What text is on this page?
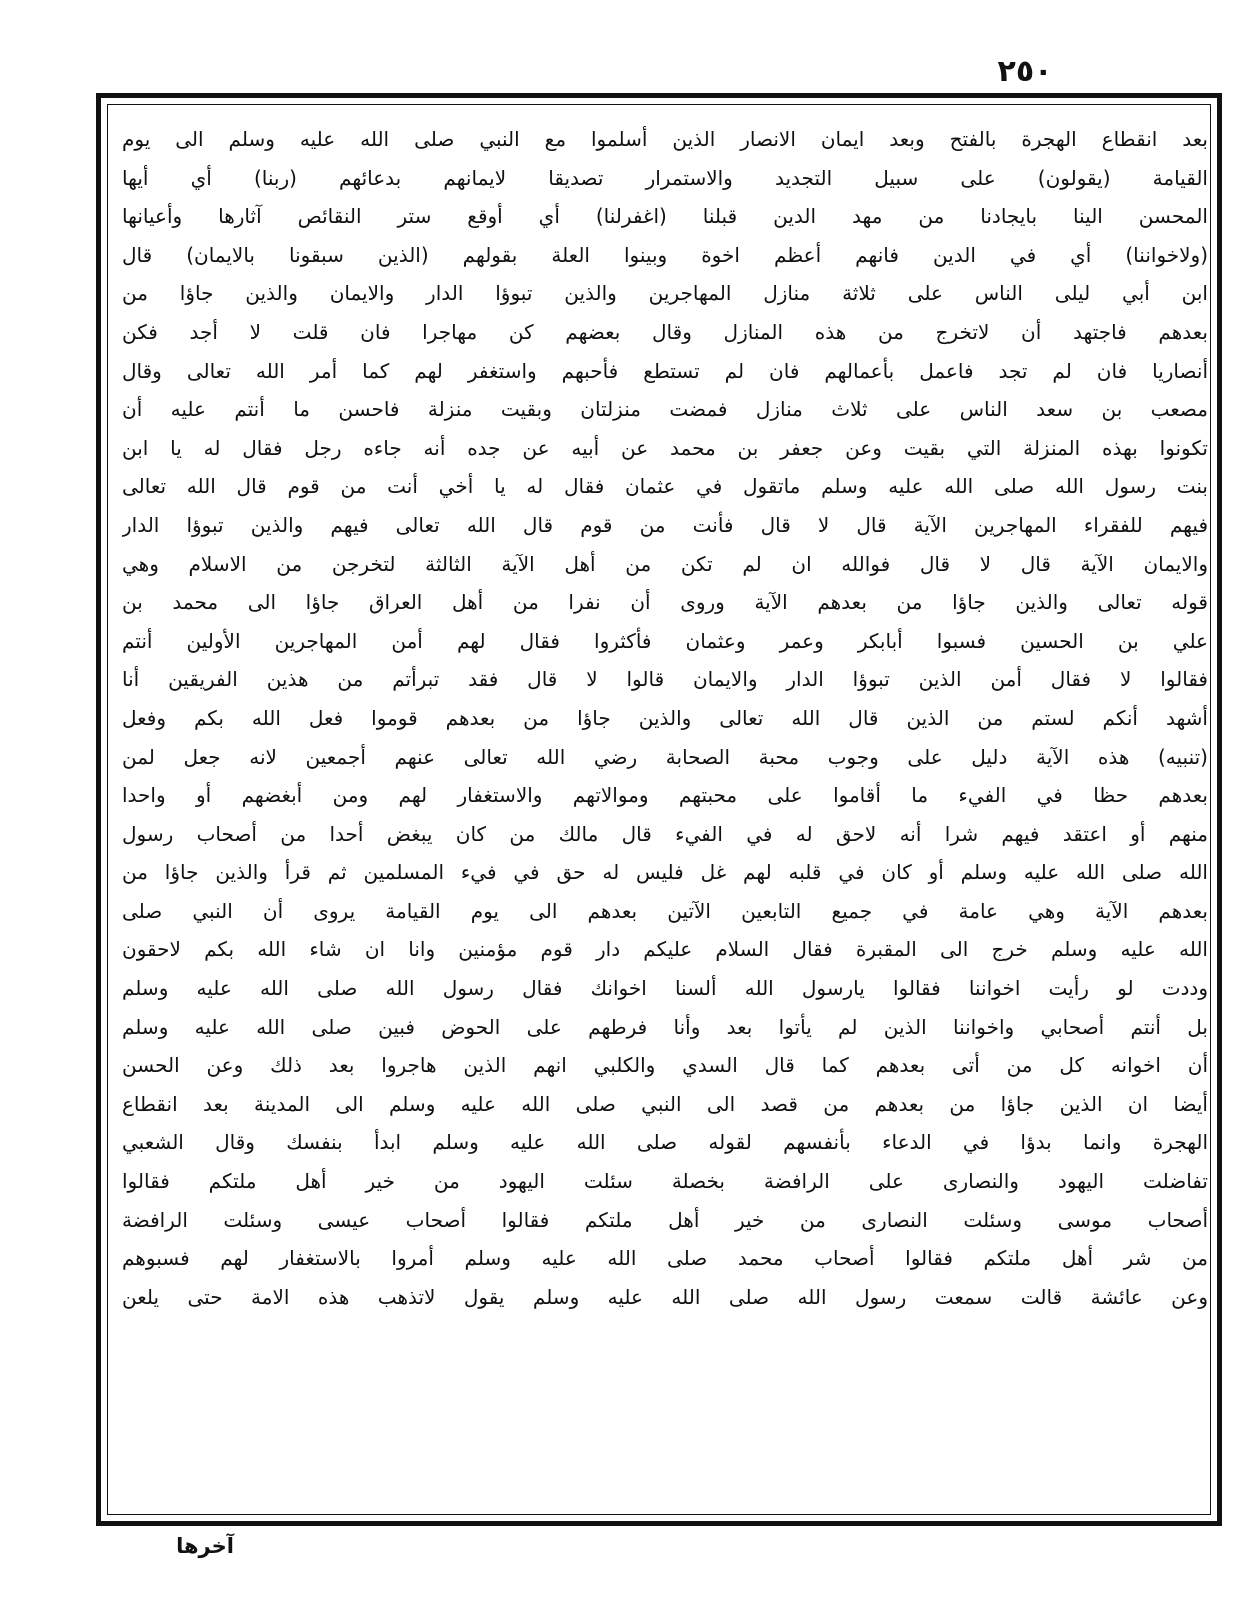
٢٥٠
بعد انقطاع الهجرة بالفتح وبعد ايمان الانصار الذين أسلموا مع النبي صلى الله عليه وسلم الى يوم
القيامة (يقولون) على سبيل التجديد والاستمرار تصديقا لايمانهم بدعائهم (ربنا) أي أيها
المحسن الينا بايجادنا من مهد الدين قبلنا (اغفرلنا) أي أوقع ستر النقائص آثارها وأعيانها
(ولاخواننا) أي في الدين فانهم أعظم اخوة وبينوا العلة بقولهم (الذين سبقونا بالايمان) قال
ابن أبي ليلى الناس على ثلاثة منازل المهاجرين والذين تبوؤا الدار والايمان والذين جاؤا من
بعدهم فاجتهد أن لاتخرج من هذه المنازل وقال بعضهم كن مهاجرا فان قلت لا أجد فكن
أنصاريا فان لم تجد فاعمل بأعمالهم فان لم تستطع فأحبهم واستغفر لهم كما أمر الله تعالى وقال
مصعب بن سعد الناس على ثلاث منازل فمضت منزلتان وبقيت منزلة فاحسن ما أنتم عليه أن
تكونوا بهذه المنزلة التي بقيت وعن جعفر بن محمد عن أبيه عن جده أنه جاءه رجل فقال له يا ابن
بنت رسول الله صلى الله عليه وسلم ماتقول في عثمان فقال له يا أخي أنت من قوم قال الله تعالى
فيهم للفقراء المهاجرين الآية قال لا قال فأنت من قوم قال الله تعالى فيهم والذين تبوؤا الدار
والايمان الآية قال لا قال فوالله ان لم تكن من أهل الآية الثالثة لتخرجن من الاسلام وهي
قوله تعالى والذين جاؤا من بعدهم الآية وروى أن نفرا من أهل العراق جاؤا الى محمد بن
علي بن الحسين فسبوا أبابكر وعمر وعثمان فأكثروا فقال لهم أمن المهاجرين الأولين أنتم
فقالوا لا فقال أمن الذين تبوؤا الدار والايمان قالوا لا قال فقد تبرأتم من هذين الفريقين أنا
أشهد أنكم لستم من الذين قال الله تعالى والذين جاؤا من بعدهم قوموا فعل الله بكم وفعل
(تنبيه) هذه الآية دليل على وجوب محبة الصحابة رضي الله تعالى عنهم أجمعين لانه جعل لمن
بعدهم حظا في الفيء ما أقاموا على محبتهم وموالاتهم والاستغفار لهم ومن أبغضهم أو واحدا
منهم أو اعتقد فيهم شرا أنه لاحق له في الفيء قال مالك من كان يبغض أحدا من أصحاب رسول
الله صلى الله عليه وسلم أو كان في قلبه لهم غل فليس له حق في فيء المسلمين ثم قرأ والذين جاؤا من
بعدهم الآية وهي عامة في جميع التابعين الآتين بعدهم الى يوم القيامة يروى أن النبي صلى
الله عليه وسلم خرج الى المقبرة فقال السلام عليكم دار قوم مؤمنين وانا ان شاء الله بكم لاحقون
وددت لو رأيت اخواننا فقالوا يارسول الله ألسنا اخوانك فقال رسول الله صلى الله عليه وسلم
بل أنتم أصحابي واخواننا الذين لم يأتوا بعد وأنا فرطهم على الحوض فبين صلى الله عليه وسلم
أن اخوانه كل من أتى بعدهم كما قال السدي والكلبي انهم الذين هاجروا بعد ذلك وعن الحسن
أيضا ان الذين جاؤا من بعدهم من قصد الى النبي صلى الله عليه وسلم الى المدينة بعد انقطاع
الهجرة وانما بدؤا في الدعاء بأنفسهم لقوله صلى الله عليه وسلم ابدأ بنفسك وقال الشعبي
تفاضلت اليهود والنصارى على الرافضة بخصلة سئلت اليهود من خير أهل ملتكم فقالوا
أصحاب موسى وسئلت النصارى من خير أهل ملتكم فقالوا أصحاب عيسى وسئلت الرافضة
من شر أهل ملتكم فقالوا أصحاب محمد صلى الله عليه وسلم أمروا بالاستغفار لهم فسبوهم
وعن عائشة قالت سمعت رسول الله صلى الله عليه وسلم يقول لاتذهب هذه الامة حتى يلعن
آخرها
